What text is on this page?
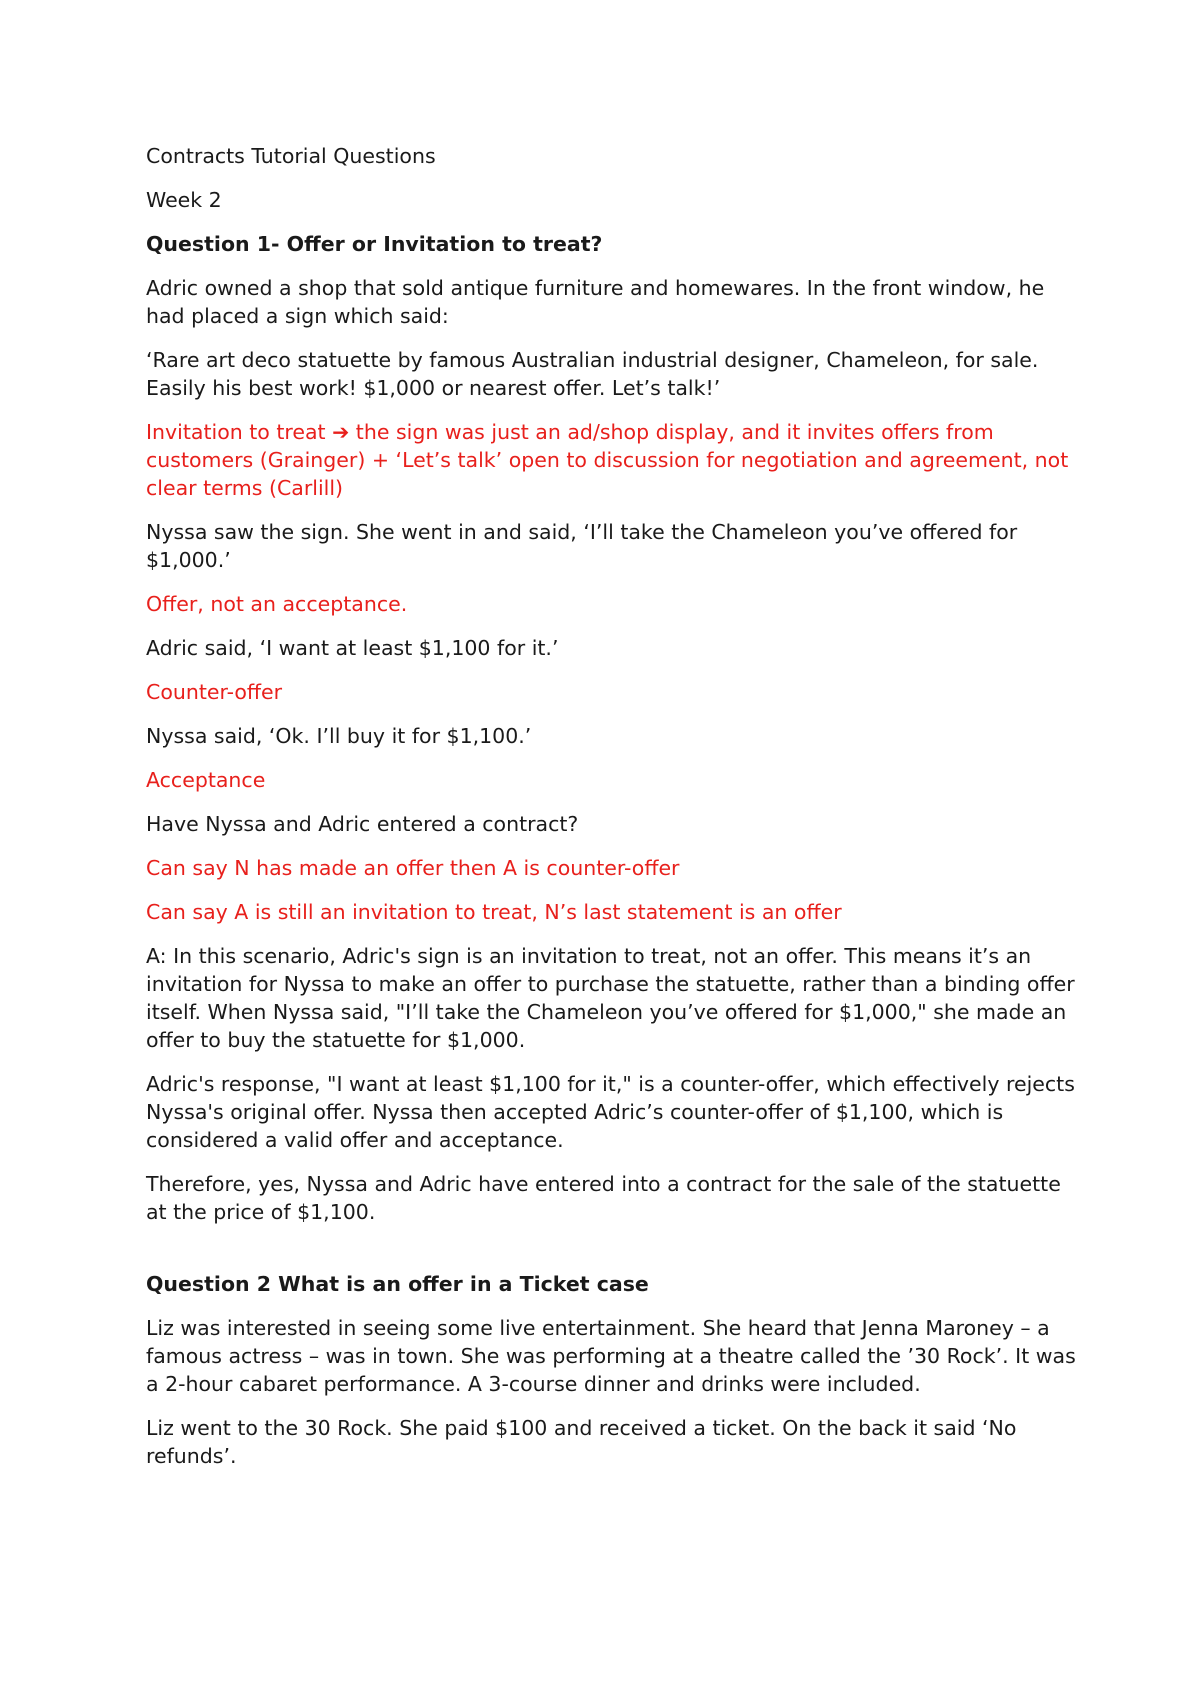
Contracts Tutorial Questions

Week 2

Question 1- Offer or Invitation to treat?

Adric owned a shop that sold antique furniture and homewares. In the front window, he had placed a sign which said:

‘Rare art deco statuette by famous Australian industrial designer, Chameleon, for sale. Easily his best work! $1,000 or nearest offer. Let’s talk!’

Invitation to treat ➔ the sign was just an ad/shop display, and it invites offers from customers (Grainger) + ‘Let’s talk’ open to discussion for negotiation and agreement, not clear terms (Carlill)

Nyssa saw the sign. She went in and said, ‘I’ll take the Chameleon you’ve offered for $1,000.’

Offer, not an acceptance.

Adric said, ‘I want at least $1,100 for it.’

Counter-offer

Nyssa said, ‘Ok. I’ll buy it for $1,100.’

Acceptance

Have Nyssa and Adric entered a contract?

Can say N has made an offer then A is counter-offer

Can say A is still an invitation to treat, N’s last statement is an offer

A: In this scenario, Adric's sign is an invitation to treat, not an offer. This means it’s an invitation for Nyssa to make an offer to purchase the statuette, rather than a binding offer itself. When Nyssa said, "I’ll take the Chameleon you’ve offered for $1,000," she made an offer to buy the statuette for $1,000.

Adric's response, "I want at least $1,100 for it," is a counter-offer, which effectively rejects Nyssa's original offer. Nyssa then accepted Adric’s counter-offer of $1,100, which is considered a valid offer and acceptance.

Therefore, yes, Nyssa and Adric have entered into a contract for the sale of the statuette at the price of $1,100.

Question 2 What is an offer in a Ticket case

Liz was interested in seeing some live entertainment. She heard that Jenna Maroney – a famous actress – was in town. She was performing at a theatre called the ’30 Rock’. It was a 2-hour cabaret performance. A 3-course dinner and drinks were included.

Liz went to the 30 Rock. She paid $100 and received a ticket. On the back it said ‘No refunds’.
